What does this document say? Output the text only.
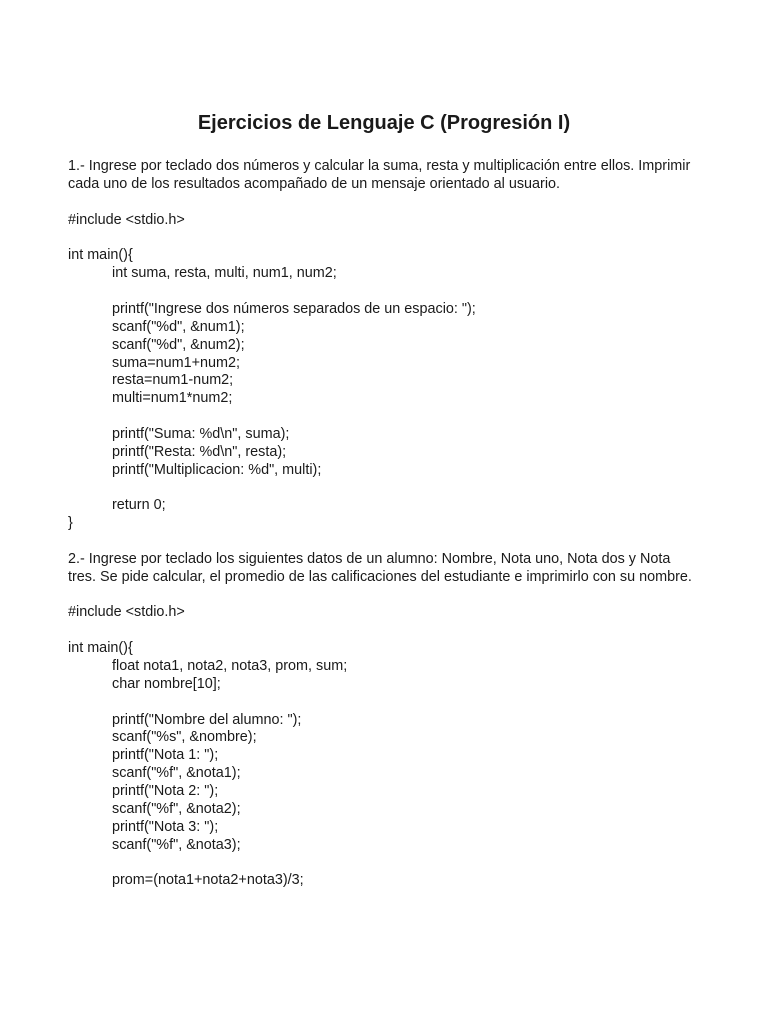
Ejercicios de Lenguaje C (Progresión I)
1.- Ingrese por teclado dos números y calcular la suma, resta y multiplicación entre ellos. Imprimir
cada uno de los resultados acompañado de un mensaje orientado al usuario.
#include <stdio.h>
int main(){
int suma, resta, multi, num1, num2;
printf("Ingrese dos números separados de un espacio: ");
scanf("%d", &num1);
scanf("%d", &num2);
suma=num1+num2;
resta=num1-num2;
multi=num1*num2;
printf("Suma: %d\n", suma);
printf("Resta: %d\n", resta);
printf("Multiplicacion: %d", multi);
return 0;
}
2.- Ingrese por teclado los siguientes datos de un alumno: Nombre, Nota uno, Nota dos y Nota
tres. Se pide calcular, el promedio de las calificaciones del estudiante e imprimirlo con su nombre.
#include <stdio.h>
int main(){
float nota1, nota2, nota3, prom, sum;
char nombre[10];
printf("Nombre del alumno: ");
scanf("%s", &nombre);
printf("Nota 1: ");
scanf("%f", &nota1);
printf("Nota 2: ");
scanf("%f", &nota2);
printf("Nota 3: ");
scanf("%f", &nota3);
prom=(nota1+nota2+nota3)/3;
